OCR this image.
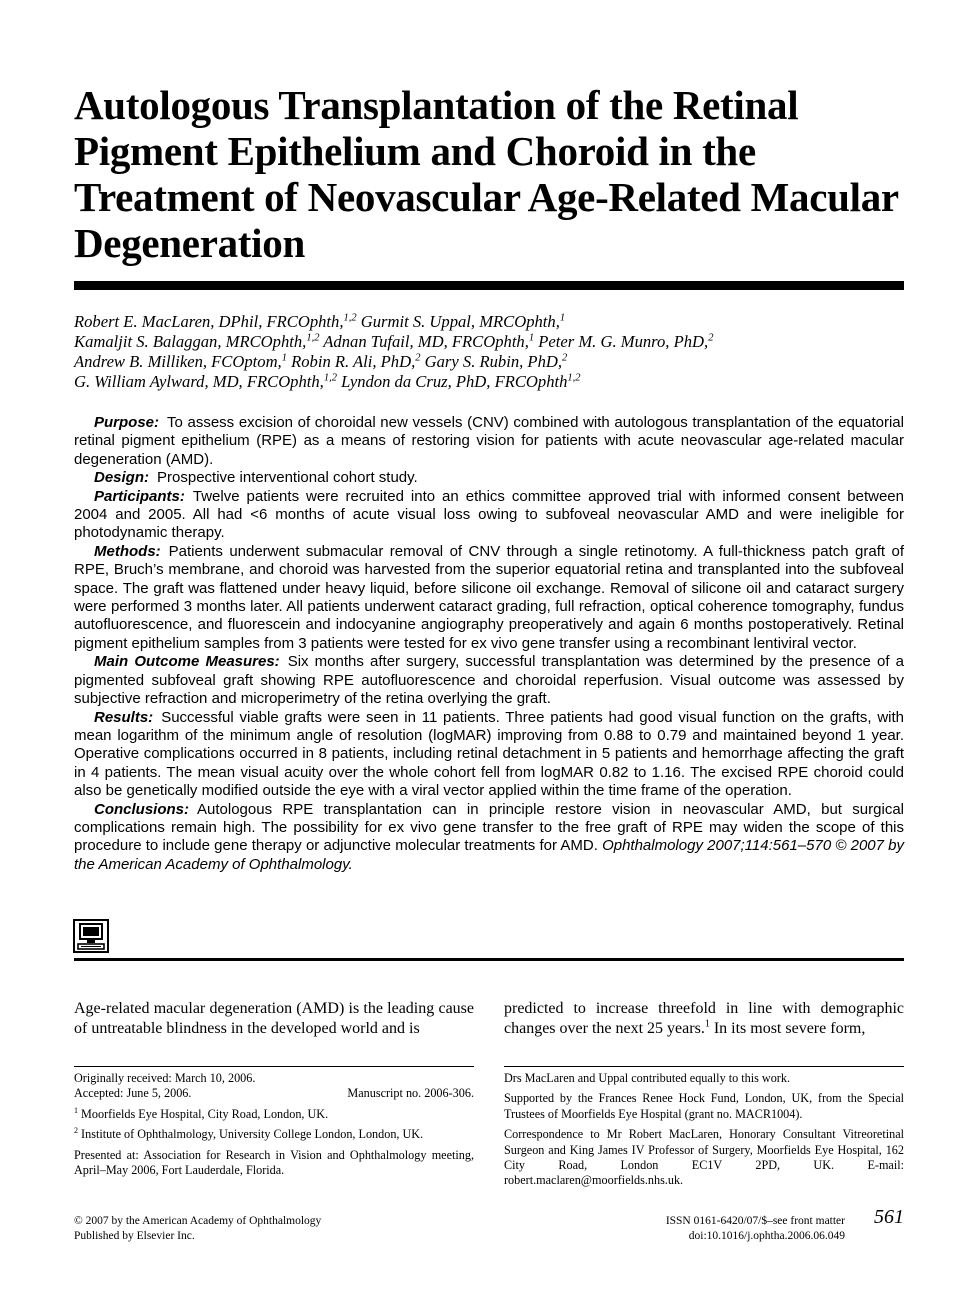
Autologous Transplantation of the Retinal Pigment Epithelium and Choroid in the Treatment of Neovascular Age-Related Macular Degeneration
Robert E. MacLaren, DPhil, FRCOphth,$^{1,2}$ Gurmit S. Uppal, MRCOphth,$^1$
Kamaljit S. Balaggan, MRCOphth,$^{1,2}$ Adnan Tufail, MD, FRCOphth,$^1$ Peter M. G. Munro, PhD,$^2$
Andrew B. Milliken, FCOptom,$^1$ Robin R. Ali, PhD,$^2$ Gary S. Rubin, PhD,$^2$
G. William Aylward, MD, FRCOphth,$^{1,2}$ Lyndon da Cruz, PhD, FRCOphth$^{1,2}$

Purpose: To assess excision of choroidal new vessels (CNV) combined with autologous transplantation of the equatorial retinal pigment epithelium (RPE) as a means of restoring vision for patients with acute neovascular age-related macular degeneration (AMD).

Design: Prospective interventional cohort study.

Participants: Twelve patients were recruited into an ethics committee approved trial with informed consent between 2004 and 2005. All had <6 months of acute visual loss owing to subfoveal neovascular AMD and were ineligible for photodynamic therapy.

Methods: Patients underwent submacular removal of CNV through a single retinotomy. A full-thickness patch graft of RPE, Bruch’s membrane, and choroid was harvested from the superior equatorial retina and transplanted into the subfoveal space. The graft was flattened under heavy liquid, before silicone oil exchange. Removal of silicone oil and cataract surgery were performed 3 months later. All patients underwent cataract grading, full refraction, optical coherence tomography, fundus autofluorescence, and fluorescein and indocyanine angiography preoperatively and again 6 months postoperatively. Retinal pigment epithelium samples from 3 patients were tested for ex vivo gene transfer using a recombinant lentiviral vector.

Main Outcome Measures: Six months after surgery, successful transplantation was determined by the presence of a pigmented subfoveal graft showing RPE autofluorescence and choroidal reperfusion. Visual outcome was assessed by subjective refraction and microperimetry of the retina overlying the graft.

Results: Successful viable grafts were seen in 11 patients. Three patients had good visual function on the grafts, with mean logarithm of the minimum angle of resolution (logMAR) improving from 0.88 to 0.79 and maintained beyond 1 year. Operative complications occurred in 8 patients, including retinal detachment in 5 patients and hemorrhage affecting the graft in 4 patients. The mean visual acuity over the whole cohort fell from logMAR 0.82 to 1.16. The excised RPE choroid could also be genetically modified outside the eye with a viral vector applied within the time frame of the operation.

Conclusions: Autologous RPE transplantation can in principle restore vision in neovascular AMD, but surgical complications remain high. The possibility for ex vivo gene transfer to the free graft of RPE may widen the scope of this procedure to include gene therapy or adjunctive molecular treatments for AMD. Ophthalmology 2007;114:561–570 © 2007 by the American Academy of Ophthalmology.

Age-related macular degeneration (AMD) is the leading cause of untreatable blindness in the developed world and is

predicted to increase threefold in line with demographic changes over the next 25 years.$^1$ In its most severe form,

Originally received: March 10, 2006.
Accepted: June 5, 2006.	Manuscript no. 2006-306.
$^1$ Moorfields Eye Hospital, City Road, London, UK.
$^2$ Institute of Ophthalmology, University College London, London, UK.
Presented at: Association for Research in Vision and Ophthalmology meeting, April–May 2006, Fort Lauderdale, Florida.
Drs MacLaren and Uppal contributed equally to this work.
Supported by the Frances Renee Hock Fund, London, UK, from the Special Trustees of Moorfields Eye Hospital (grant no. MACR1004).
Correspondence to Mr Robert MacLaren, Honorary Consultant Vitreoretinal Surgeon and King James IV Professor of Surgery, Moorfields Eye Hospital, 162 City Road, London EC1V 2PD, UK. E-mail: robert.maclaren@moorfields.nhs.uk.
© 2007 by the American Academy of Ophthalmology
Published by Elsevier Inc.
ISSN 0161-6420/07/$–see front matter
doi:10.1016/j.ophtha.2006.06.049
561
